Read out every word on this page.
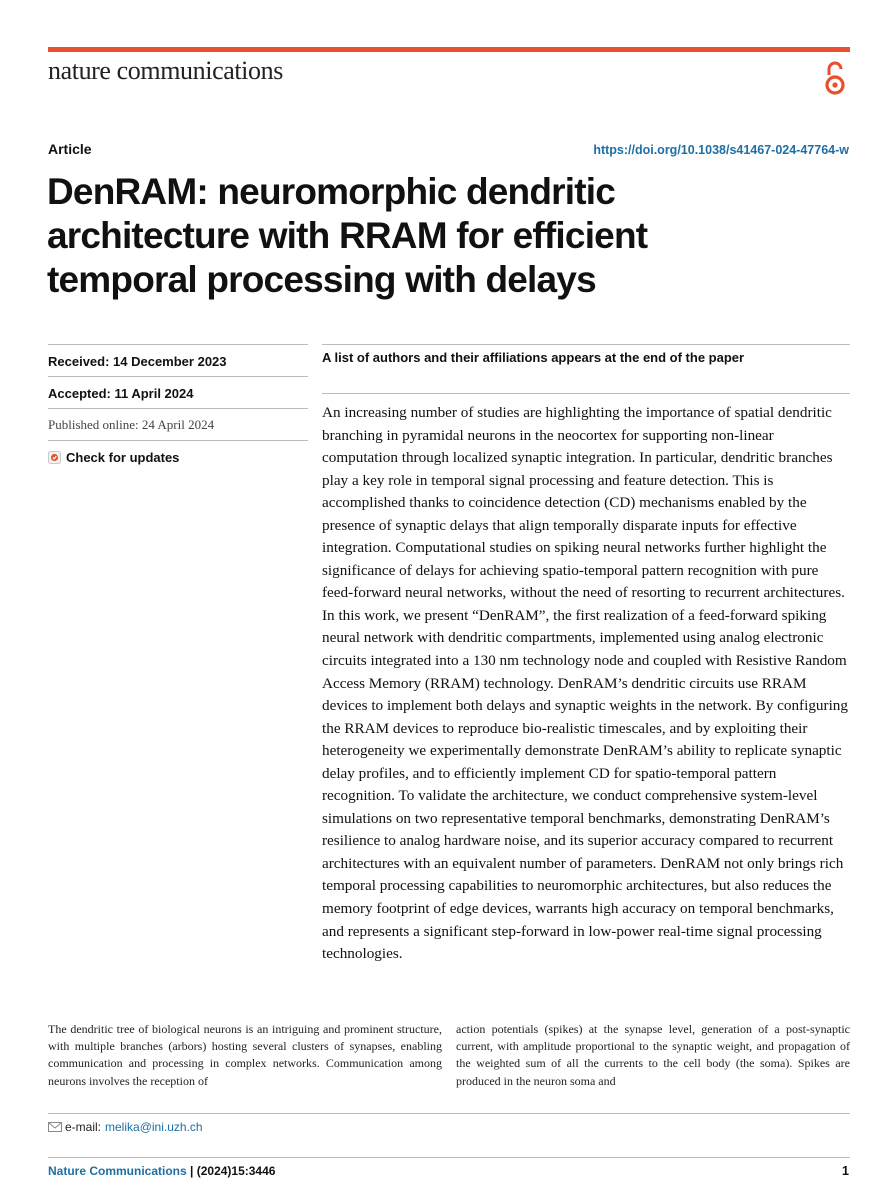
nature communications
Article	https://doi.org/10.1038/s41467-024-47764-w
DenRAM: neuromorphic dendritic
architecture with RRAM for efficient
temporal processing with delays
Received: 14 December 2023
Accepted: 11 April 2024
Published online: 24 April 2024
Check for updates
A list of authors and their affiliations appears at the end of the paper

An increasing number of studies are highlighting the importance of spatial dendritic branching in pyramidal neurons in the neocortex for supporting non-linear computation through localized synaptic integration. In particular, dendritic branches play a key role in temporal signal processing and feature detection. This is accomplished thanks to coincidence detection (CD) mechanisms enabled by the presence of synaptic delays that align temporally disparate inputs for effective integration. Computational studies on spiking neural networks further highlight the significance of delays for achieving spatio-temporal pattern recognition with pure feed-forward neural networks, without the need of resorting to recurrent architectures. In this work, we present “DenRAM”, the first realization of a feed-forward spiking neural network with dendritic compartments, implemented using analog electronic circuits integrated into a 130 nm technology node and coupled with Resistive Random Access Memory (RRAM) technology. DenRAM’s dendritic circuits use RRAM devices to implement both delays and synaptic weights in the network. By configuring the RRAM devices to reproduce bio-realistic timescales, and by exploiting their heterogeneity we experimentally demonstrate DenRAM’s ability to replicate synaptic delay profiles, and to efficiently implement CD for spatio-temporal pattern recognition. To validate the architecture, we conduct comprehensive system-level simulations on two representative temporal benchmarks, demonstrating DenRAM’s resilience to analog hardware noise, and its superior accuracy compared to recurrent architectures with an equivalent number of parameters. DenRAM not only brings rich temporal processing capabilities to neuromorphic architectures, but also reduces the memory footprint of edge devices, warrants high accuracy on temporal benchmarks, and represents a significant step-forward in low-power real-time signal processing technologies.

The dendritic tree of biological neurons is an intriguing and prominent structure, with multiple branches (arbors) hosting several clusters of synapses, enabling communication and processing in complex networks. Communication among neurons involves the reception of

action potentials (spikes) at the synapse level, generation of a post-synaptic current, with amplitude proportional to the synaptic weight, and propagation of the weighted sum of all the currents to the cell body (the soma). Spikes are produced in the neuron soma and

e-mail: melika@ini.uzh.ch
Nature Communications | (2024)15:3446	1
